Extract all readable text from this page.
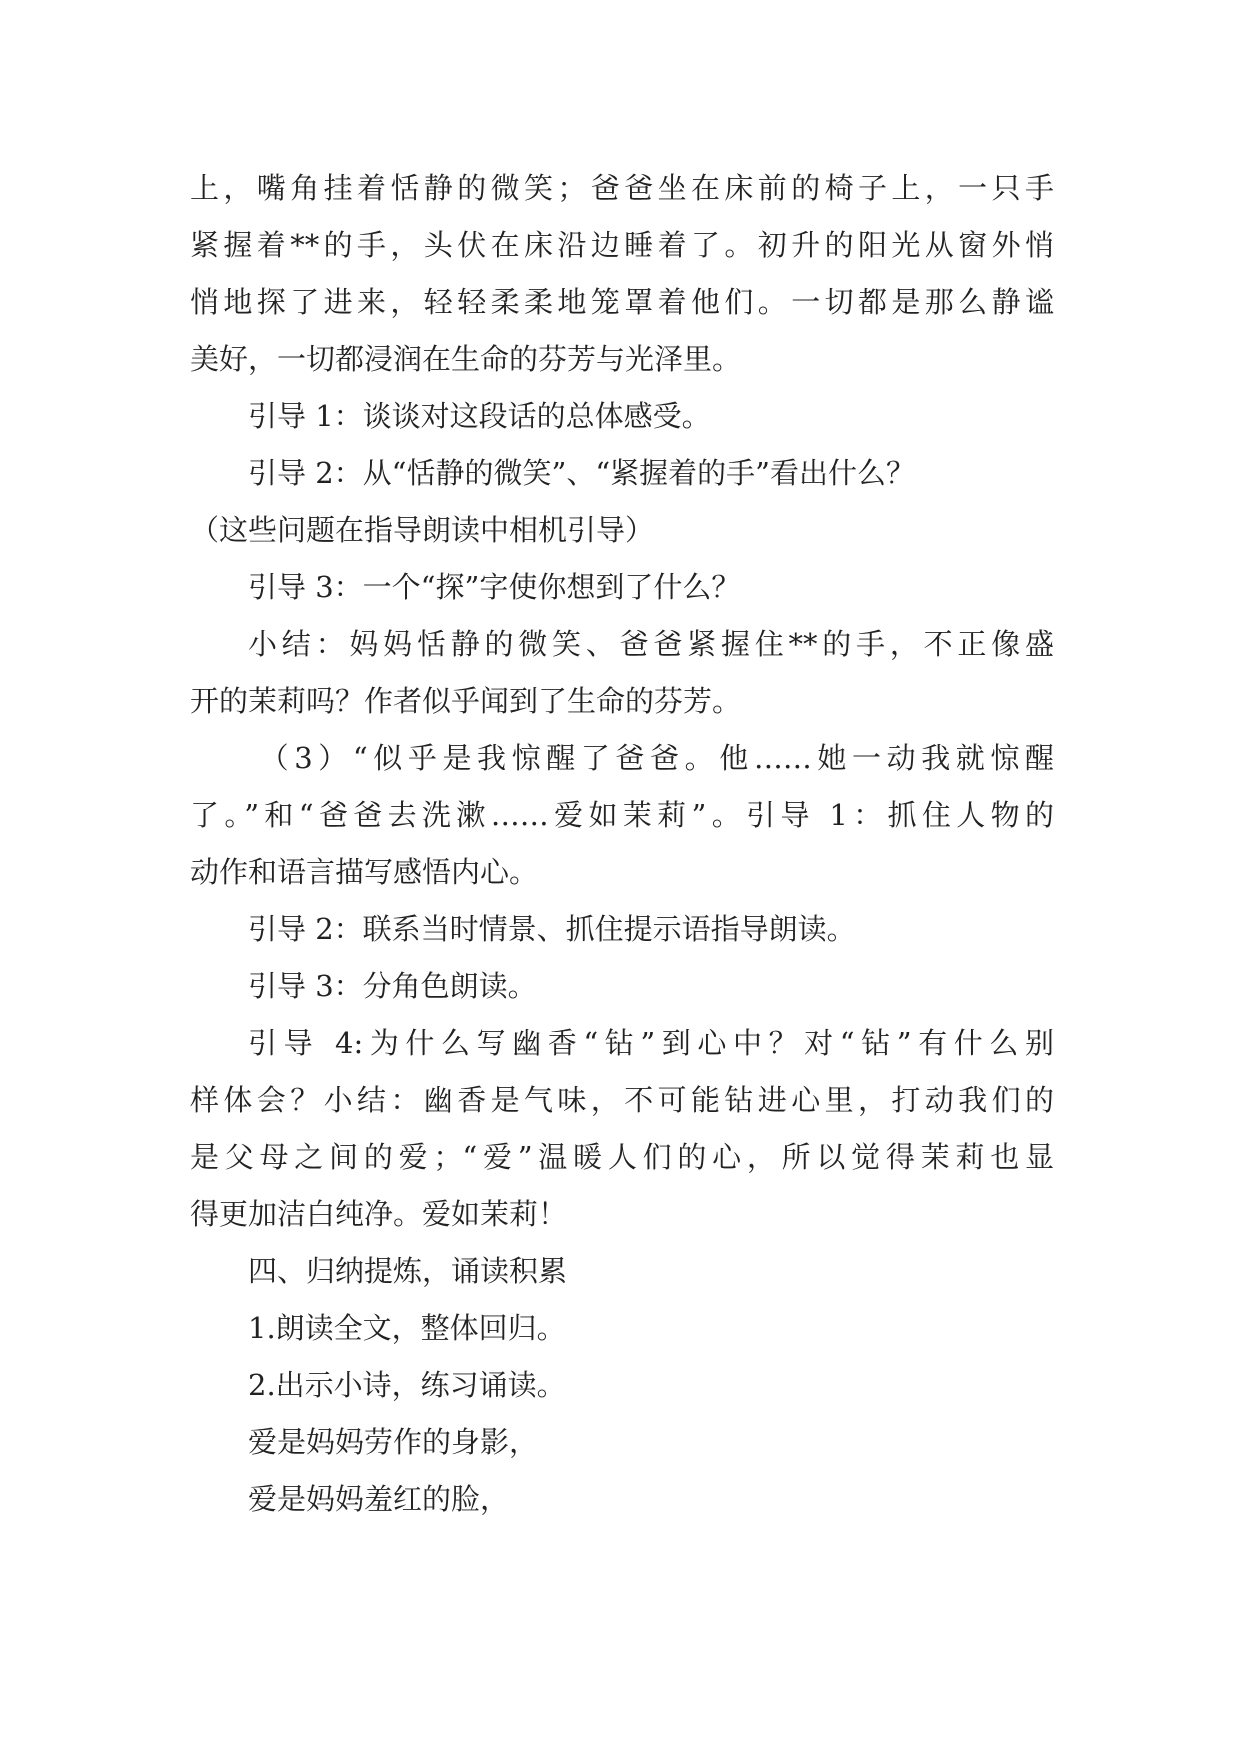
上，嘴角挂着恬静的微笑；爸爸坐在床前的椅子上，一只手
紧握着**的手，头伏在床沿边睡着了。初升的阳光从窗外悄
悄地探了进来，轻轻柔柔地笼罩着他们。一切都是那么静谧
美好，一切都浸润在生命的芬芳与光泽里。
引导 1：谈谈对这段话的总体感受。
引导 2：从“恬静的微笑”、“紧握着的手”看出什么？
（这些问题在指导朗读中相机引导）
引导 3：一个“探”字使你想到了什么？
小结：妈妈恬静的微笑、爸爸紧握住**的手，不正像盛
开的茉莉吗？作者似乎闻到了生命的芬芳。
（3）“似乎是我惊醒了爸爸。他……她一动我就惊醒
了。”和“爸爸去洗漱……爱如茉莉”。引导 1：抓住人物的
动作和语言描写感悟内心。
引导 2：联系当时情景、抓住提示语指导朗读。
引导 3：分角色朗读。
引导 4:为什么写幽香“钻”到心中？对“钻”有什么别
样体会？小结：幽香是气味，不可能钻进心里，打动我们的
是父母之间的爱；“爱”温暖人们的心，所以觉得茉莉也显
得更加洁白纯净。爱如茉莉！
四、归纳提炼，诵读积累
1.朗读全文，整体回归。
2.出示小诗，练习诵读。
爱是妈妈劳作的身影，
爱是妈妈羞红的脸，
